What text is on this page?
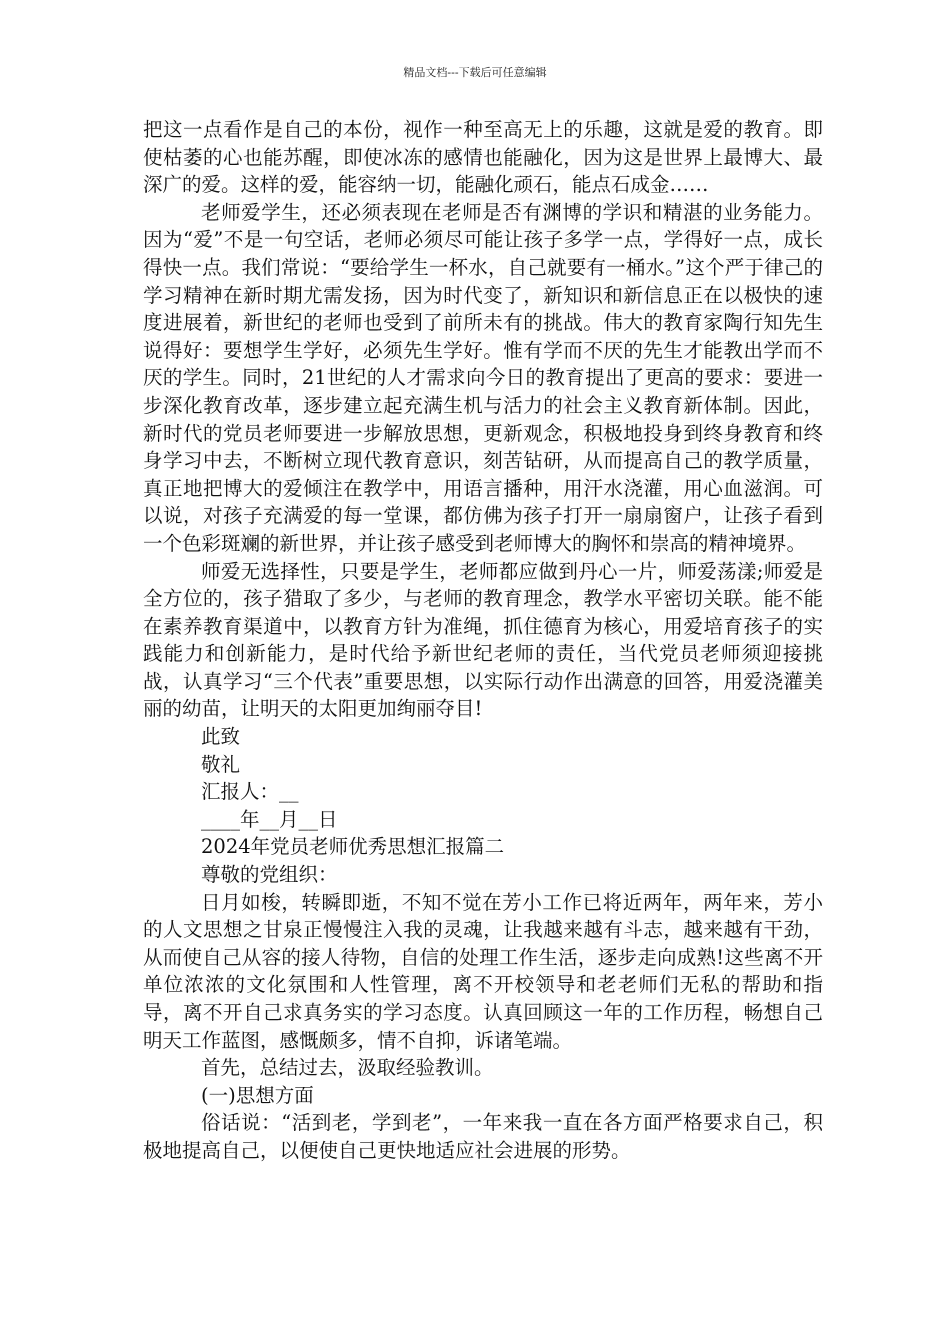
精品文档---下载后可任意编辑

把这一点看作是自己的本份，视作一种至高无上的乐趣，这就是爱的教育。即使枯萎的心也能苏醒，即使冰冻的感情也能融化，因为这是世界上最博大、最深广的爱。这样的爱，能容纳一切，能融化顽石，能点石成金……

老师爱学生，还必须表现在老师是否有渊博的学识和精湛的业务能力。因为“爱”不是一句空话，老师必须尽可能让孩子多学一点，学得好一点，成长得快一点。我们常说：“要给学生一杯水，自己就要有一桶水。”这个严于律己的学习精神在新时期尤需发扬，因为时代变了，新知识和新信息正在以极快的速度进展着，新世纪的老师也受到了前所未有的挑战。伟大的教育家陶行知先生说得好：要想学生学好，必须先生学好。惟有学而不厌的先生才能教出学而不厌的学生。同时，21世纪的人才需求向今日的教育提出了更高的要求：要进一步深化教育改革，逐步建立起充满生机与活力的社会主义教育新体制。因此，新时代的党员老师要进一步解放思想，更新观念，积极地投身到终身教育和终身学习中去，不断树立现代教育意识，刻苦钻研，从而提高自己的教学质量，真正地把博大的爱倾注在教学中，用语言播种，用汗水浇灌，用心血滋润。可以说，对孩子充满爱的每一堂课，都仿佛为孩子打开一扇扇窗户，让孩子看到一个色彩斑斓的新世界，并让孩子感受到老师博大的胸怀和崇高的精神境界。

师爱无选择性，只要是学生，老师都应做到丹心一片，师爱荡漾;师爱是全方位的，孩子猎取了多少，与老师的教育理念，教学水平密切关联。能不能在素养教育渠道中，以教育方针为准绳，抓住德育为核心，用爱培育孩子的实践能力和创新能力，是时代给予新世纪老师的责任，当代党员老师须迎接挑战，认真学习“三个代表”重要思想，以实际行动作出满意的回答，用爱浇灌美丽的幼苗，让明天的太阳更加绚丽夺目!

此致

敬礼

汇报人：__

____年__月__日

2024年党员老师优秀思想汇报篇二

尊敬的党组织：

日月如梭，转瞬即逝，不知不觉在芳小工作已将近两年，两年来，芳小的人文思想之甘泉正慢慢注入我的灵魂，让我越来越有斗志，越来越有干劲，从而使自己从容的接人待物，自信的处理工作生活，逐步走向成熟!这些离不开单位浓浓的文化氛围和人性管理，离不开校领导和老老师们无私的帮助和指导，离不开自己求真务实的学习态度。认真回顾这一年的工作历程，畅想自己明天工作蓝图，感慨颇多，情不自抑，诉诸笔端。

首先，总结过去，汲取经验教训。

(一)思想方面

俗话说：“活到老，学到老”，一年来我一直在各方面严格要求自己，积极地提高自己，以便使自己更快地适应社会进展的形势。
